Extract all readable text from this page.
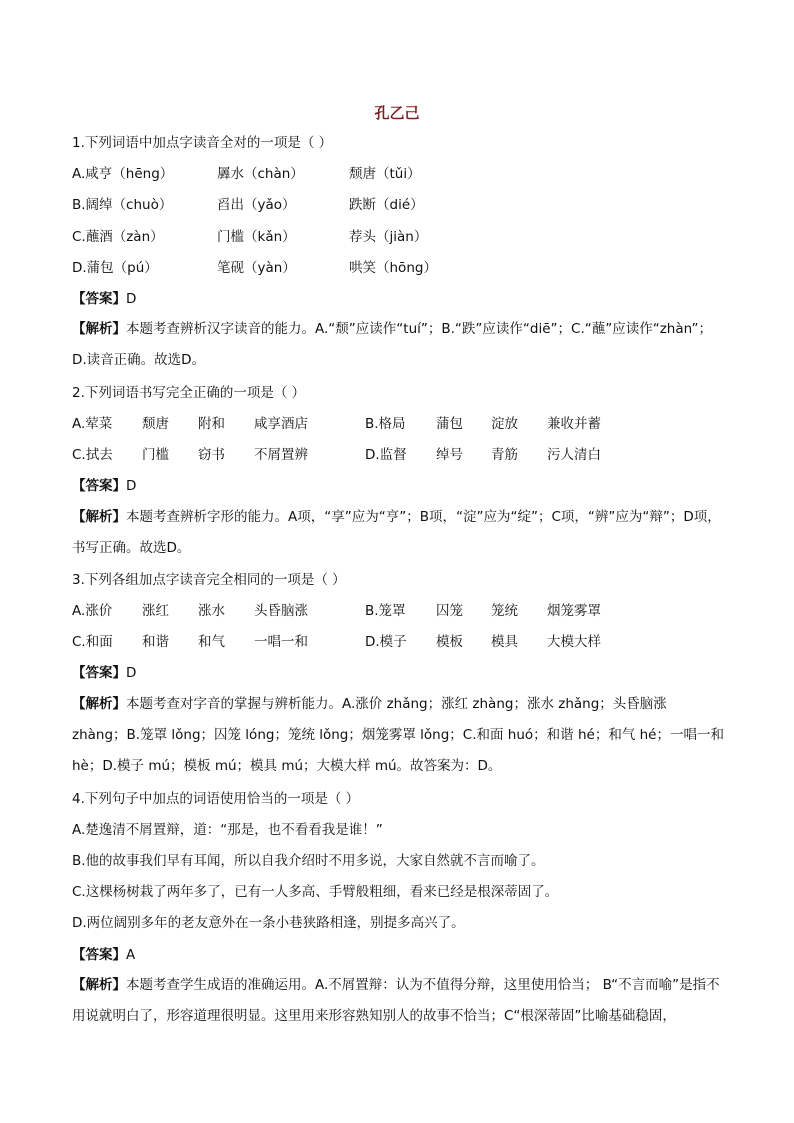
孔乙己
1.下列词语中加点字读音全对的一项是（ ）
A.咸亨（hēng）	羼水（chàn）	颓唐（tǔi）
B.阔绰（chuò）	舀出（yǎo）	跌断（dié）
C.蘸酒（zàn）	门槛（kǎn）	荐头（jiàn）
D.蒲包（pú）	笔砚（yàn）	哄笑（hōng）
【答案】D
【解析】本题考查辨析汉字读音的能力。A.“颓”应读作“tuí”；B.“跌”应读作“diē”；C.“蘸”应读作“zhàn”；D.读音正确。故选D。
2.下列词语书写完全正确的一项是（ ）
A.荤菜 颓唐 附和 咸享酒店	B.格局 蒲包 淀放 兼收并蓄
C.拭去 门槛 窃书 不屑置辨	D.监督 绰号 青筋 污人清白
【答案】D
【解析】本题考查辨析字形的能力。A项，“享”应为“亨”；B项，“淀”应为“绽”；C项，“辨”应为“辩”；D项，书写正确。故选D。
3.下列各组加点字读音完全相同的一项是（ ）
A.涨价 涨红 涨水 头昏脑涨	B.笼罩 囚笼 笼统 烟笼雾罩
C.和面 和谐 和气 一唱一和	D.模子 模板 模具 大模大样
【答案】D
【解析】本题考查对字音的掌握与辨析能力。A.涨价 zhǎng；涨红 zhàng；涨水 zhǎng；头昏脑涨 zhàng；B.笼罩 lǒng；囚笼 lóng；笼统 lǒng；烟笼雾罩 lǒng；C.和面 huó；和谐 hé；和气 hé；一唱一和 hè；D.模子 mú；模板 mú；模具 mú；大模大样 mú。故答案为：D。
4.下列句子中加点的词语使用恰当的一项是（ ）
A.楚逸清不屑置辩，道：“那是，也不看看我是谁！”
B.他的故事我们早有耳闻，所以自我介绍时不用多说，大家自然就不言而喻了。
C.这棵杨树栽了两年多了，已有一人多高、手臂般粗细，看来已经是根深蒂固了。
D.两位阔别多年的老友意外在一条小巷狭路相逢，别提多高兴了。
【答案】A
【解析】本题考查学生成语的准确运用。A.不屑置辩：认为不值得分辩，这里使用恰当； B“不言而喻”是指不用说就明白了，形容道理很明显。这里用来形容熟知别人的故事不恰当；C“根深蒂固”比喻基础稳固，
